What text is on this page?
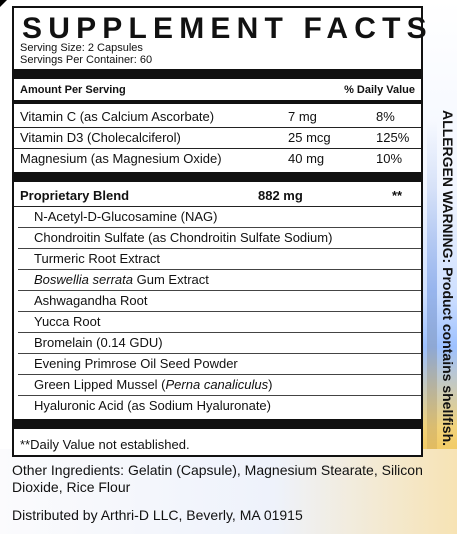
SUPPLEMENT FACTS
Serving Size: 2 Capsules
Servings Per Container: 60
Amount Per Serving	% Daily Value
Vitamin C (as Calcium Ascorbate)	7 mg	8%
Vitamin D3 (Cholecalciferol)	25 mcg	125%
Magnesium (as Magnesium Oxide)	40 mg	10%
Proprietary Blend	882 mg	**
N-Acetyl-D-Glucosamine (NAG)
Chondroitin Sulfate (as Chondroitin Sulfate Sodium)
Turmeric Root Extract
Boswellia serrata Gum Extract
Ashwagandha Root
Yucca Root
Bromelain (0.14 GDU)
Evening Primrose Oil Seed Powder
Green Lipped Mussel (Perna canaliculus)
Hyaluronic Acid (as Sodium Hyaluronate)
**Daily Value not established.
Other Ingredients: Gelatin (Capsule), Magnesium Stearate, Silicon Dioxide, Rice Flour
Distributed by Arthri-D LLC, Beverly, MA 01915
ALLERGEN WARNING: Product contains shellfish.
